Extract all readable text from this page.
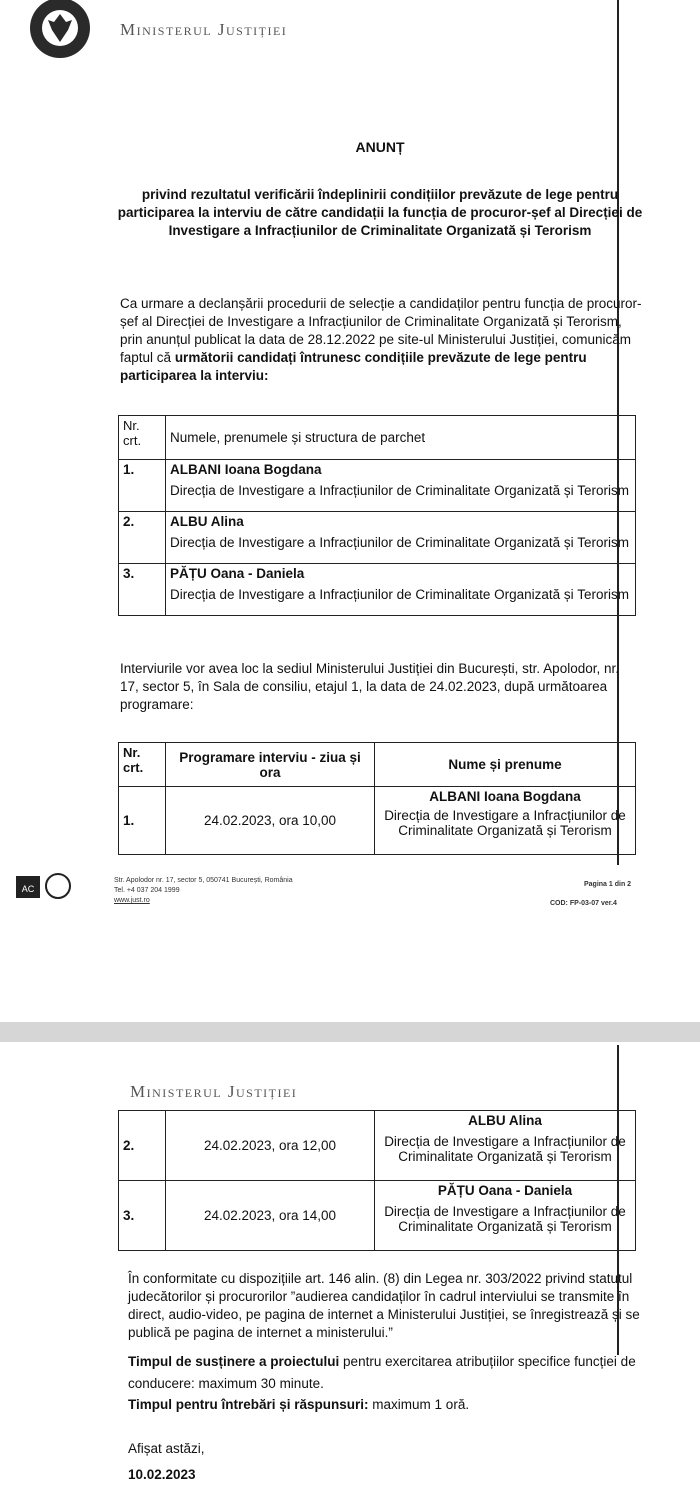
Ministerul Justiției
ANUNȚ
privind rezultatul verificării îndeplinirii condițiilor prevăzute de lege pentru
participarea la interviu de către candidații la funcția de procuror-șef al Direcției de
Investigare a Infracțiunilor de Criminalitate Organizată și Terorism
Ca urmare a declanșării procedurii de selecție a candidaților pentru funcția de procuror-
șef al Direcției de Investigare a Infracțiunilor de Criminalitate Organizată și Terorism,
prin anunțul publicat la data de 28.12.2022 pe site-ul Ministerului Justiției, comunicăm
faptul că următorii candidați întrunesc condițiile prevăzute de lege pentru
participarea la interviu:
Nr. crt.	Numele, prenumele și structura de parchet
1.	ALBANI Ioana Bogdana
Direcția de Investigare a Infracțiunilor de Criminalitate Organizată și Terorism

2.	ALBU Alina
Direcția de Investigare a Infracțiunilor de Criminalitate Organizată și Terorism

3.	PĂȚU Oana - Daniela
Direcția de Investigare a Infracțiunilor de Criminalitate Organizată și Terorism
Interviurile vor avea loc la sediul Ministerului Justiției din București, str. Apolodor, nr.
17, sector 5, în Sala de consiliu, etajul 1, la data de 24.02.2023, după următoarea
programare:
Nr. crt.	Programare interviu - ziua și ora	Nume și prenume
1.	24.02.2023, ora 10,00	ALBANI Ioana Bogdana
Direcția de Investigare a Infracțiunilor de Criminalitate Organizată și Terorism
AC
Str. Apolodor nr. 17, sector 5, 050741 București, România
Tel. +4 037 204 1999
www.just.ro
Pagina 1 din 2
COD: FP-03-07 ver.4
Ministerul Justiției
2.	24.02.2023, ora 12,00	ALBU Alina
Direcția de Investigare a Infracțiunilor de Criminalitate Organizată și Terorism

3.	24.02.2023, ora 14,00	PĂȚU Oana - Daniela
Direcția de Investigare a Infracțiunilor de Criminalitate Organizată și Terorism
În conformitate cu dispozițiile art. 146 alin. (8) din Legea nr. 303/2022 privind statutul
judecătorilor și procurorilor ”audierea candidaților în cadrul interviului se transmite în
direct, audio-video, pe pagina de internet a Ministerului Justiției, se înregistrează și se
publică pe pagina de internet a ministerului.”
Timpul de susținere a proiectului pentru exercitarea atribuțiilor specifice funcției de
conducere: maximum 30 minute.
Timpul pentru întrebări și răspunsuri: maximum 1 oră.
Afișat astăzi,
10.02.2023
